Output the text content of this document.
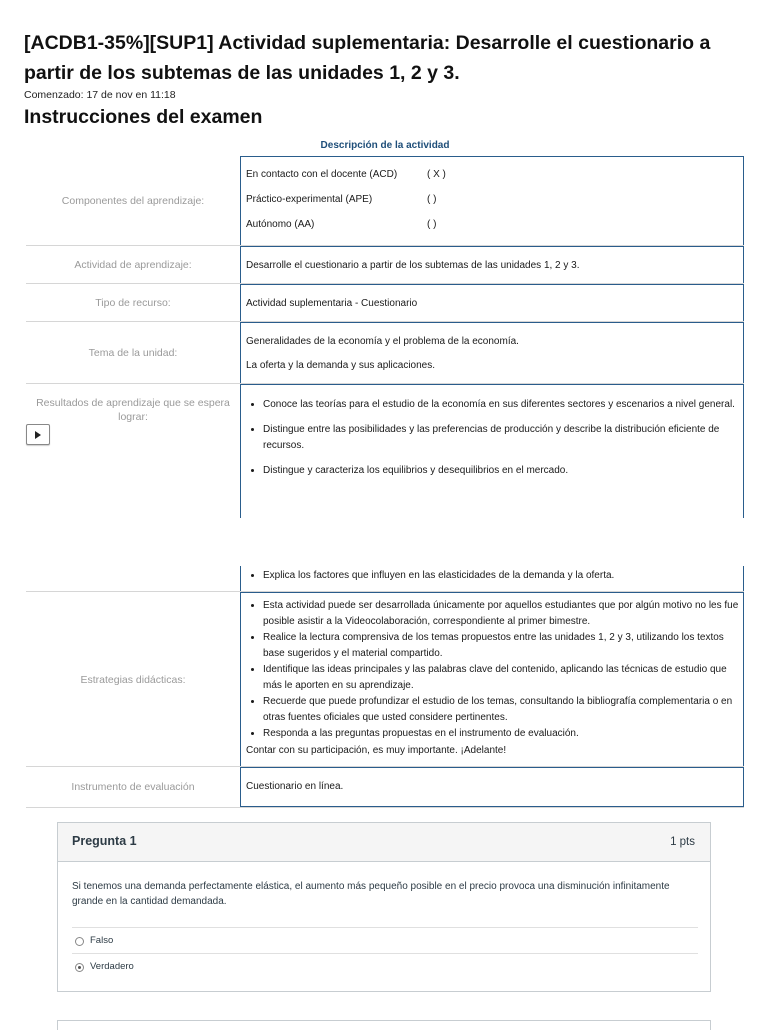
[ACDB1-35%][SUP1] Actividad suplementaria: Desarrolle el cuestionario a partir de los subtemas de las unidades 1, 2 y 3.
Comenzado: 17 de nov en 11:18
Instrucciones del examen
Descripción de la actividad
Componentes del aprendizaje:
En contacto con el docente (ACD)	( X )
Práctico-experimental (APE)	( )
Autónomo (AA)	( )
Actividad de aprendizaje:	Desarrolle el cuestionario a partir de los subtemas de las unidades 1, 2 y 3.
Tipo de recurso:	Actividad suplementaria - Cuestionario
Tema de la unidad:
Generalidades de la economía y el problema de la economía.
La oferta y la demanda y sus aplicaciones.
Resultados de aprendizaje que se espera lograr:
• Conoce las teorías para el estudio de la economía en sus diferentes sectores y escenarios a nivel general.
• Distingue entre las posibilidades y las preferencias de producción y describe la distribución eficiente de recursos.
• Distingue y caracteriza los equilibrios y desequilibrios en el mercado.
• Explica los factores que influyen en las elasticidades de la demanda y la oferta.
Estrategias didácticas:
• Esta actividad puede ser desarrollada únicamente por aquellos estudiantes que por algún motivo no les fue posible asistir a la Videocolaboración, correspondiente al primer bimestre.
• Realice la lectura comprensiva de los temas propuestos entre las unidades 1, 2 y 3, utilizando los textos base sugeridos y el material compartido.
• Identifique las ideas principales y las palabras clave del contenido, aplicando las técnicas de estudio que más le aporten en su aprendizaje.
• Recuerde que puede profundizar el estudio de los temas, consultando la bibliografía complementaria o en otras fuentes oficiales que usted considere pertinentes.
• Responda a las preguntas propuestas en el instrumento de evaluación.
Contar con su participación, es muy importante. ¡Adelante!
Instrumento de evaluación	Cuestionario en línea.
Pregunta 1	1 pts
Si tenemos una demanda perfectamente elástica, el aumento más pequeño posible en el precio provoca una disminución infinitamente grande en la cantidad demandada.
Falso
Verdadero
